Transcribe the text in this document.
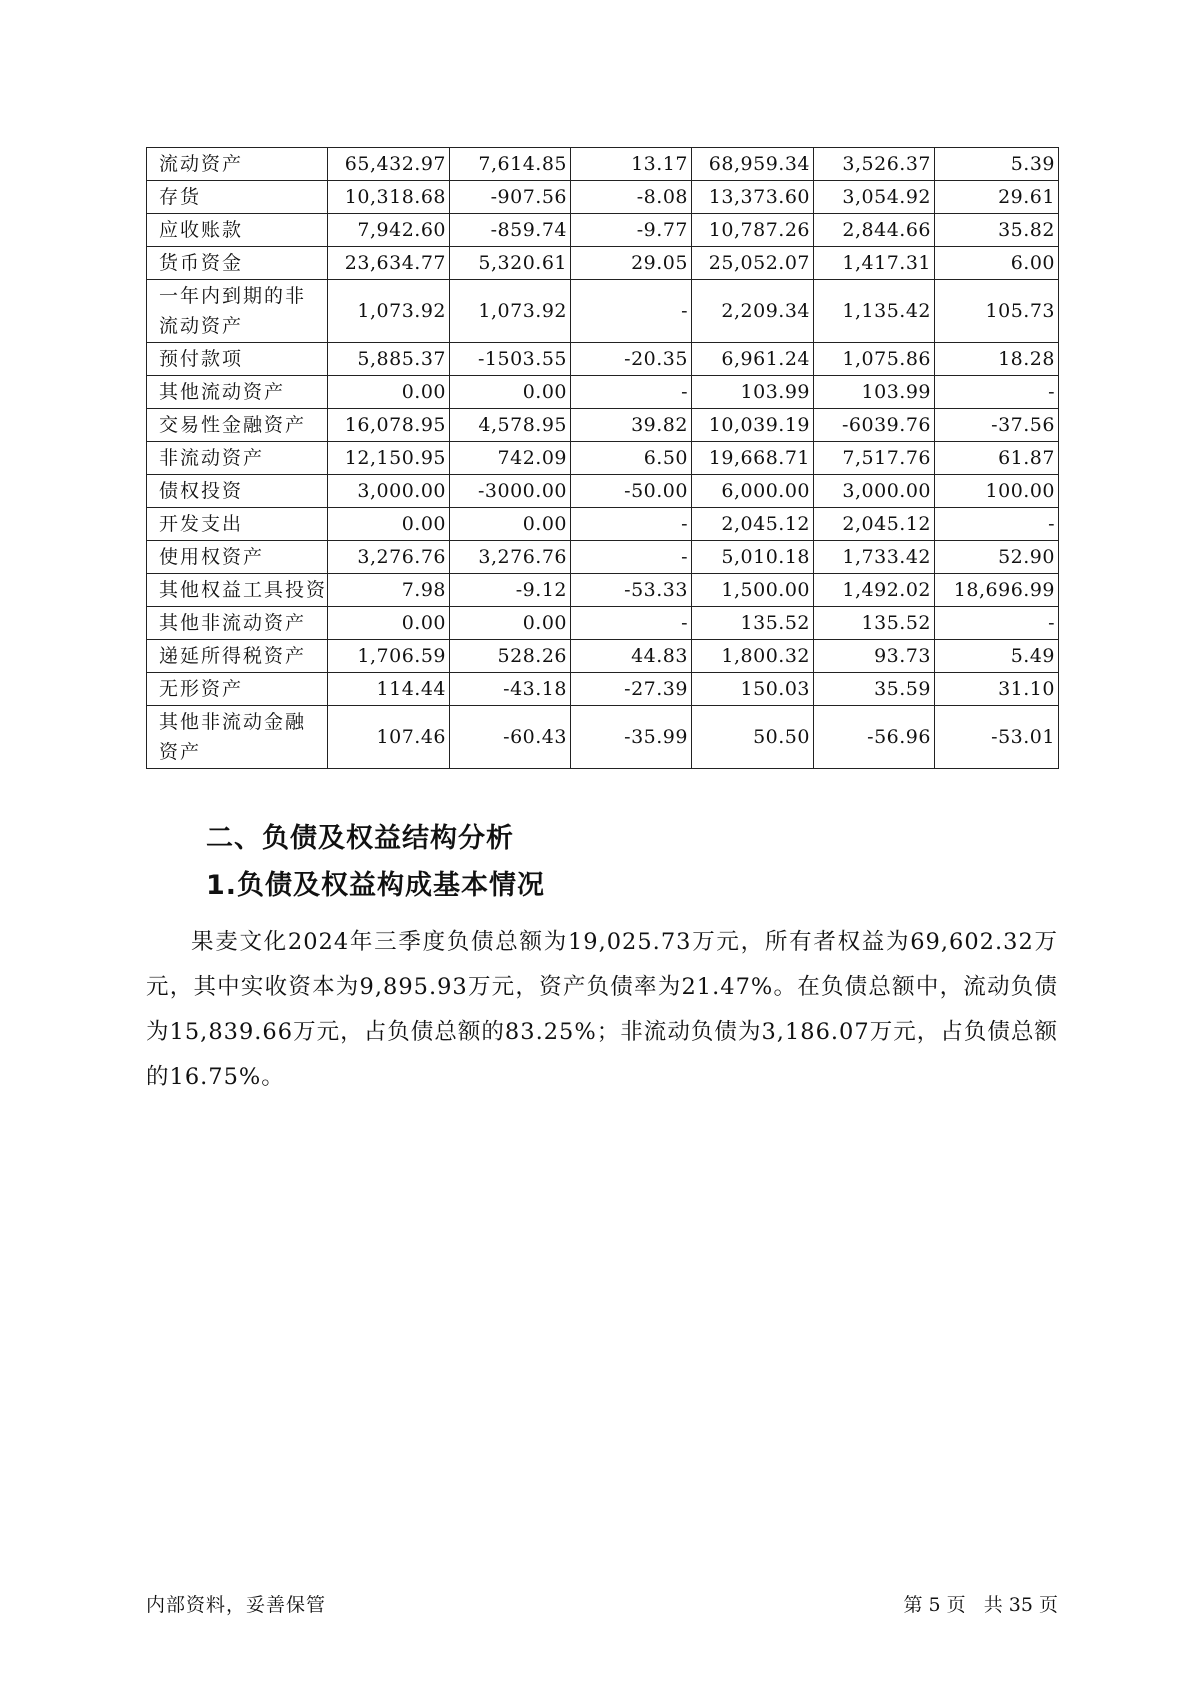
流动资产	65,432.97	7,614.85	13.17	68,959.34	3,526.37	5.39
存货	10,318.68	-907.56	-8.08	13,373.60	3,054.92	29.61
应收账款	7,942.60	-859.74	-9.77	10,787.26	2,844.66	35.82
货币资金	23,634.77	5,320.61	29.05	25,052.07	1,417.31	6.00
一年内到期的非流动资产	1,073.92	1,073.92	-	2,209.34	1,135.42	105.73
预付款项	5,885.37	-1503.55	-20.35	6,961.24	1,075.86	18.28
其他流动资产	0.00	0.00	-	103.99	103.99	-
交易性金融资产	16,078.95	4,578.95	39.82	10,039.19	-6039.76	-37.56
非流动资产	12,150.95	742.09	6.50	19,668.71	7,517.76	61.87
债权投资	3,000.00	-3000.00	-50.00	6,000.00	3,000.00	100.00
开发支出	0.00	0.00	-	2,045.12	2,045.12	-
使用权资产	3,276.76	3,276.76	-	5,010.18	1,733.42	52.90
其他权益工具投资	7.98	-9.12	-53.33	1,500.00	1,492.02	18,696.99
其他非流动资产	0.00	0.00	-	135.52	135.52	-
递延所得税资产	1,706.59	528.26	44.83	1,800.32	93.73	5.49
无形资产	114.44	-43.18	-27.39	150.03	35.59	31.10
其他非流动金融资产	107.46	-60.43	-35.99	50.50	-56.96	-53.01
二、负债及权益结构分析
1.负债及权益构成基本情况

果麦文化2024年三季度负债总额为19,025.73万元，所有者权益为69,602.32万元，其中实收资本为9,895.93万元，资产负债率为21.47%。在负债总额中，流动负债为15,839.66万元，占负债总额的83.25%；非流动负债为3,186.07万元，占负债总额的16.75%。

内部资料，妥善保管	第 5 页   共 35 页
